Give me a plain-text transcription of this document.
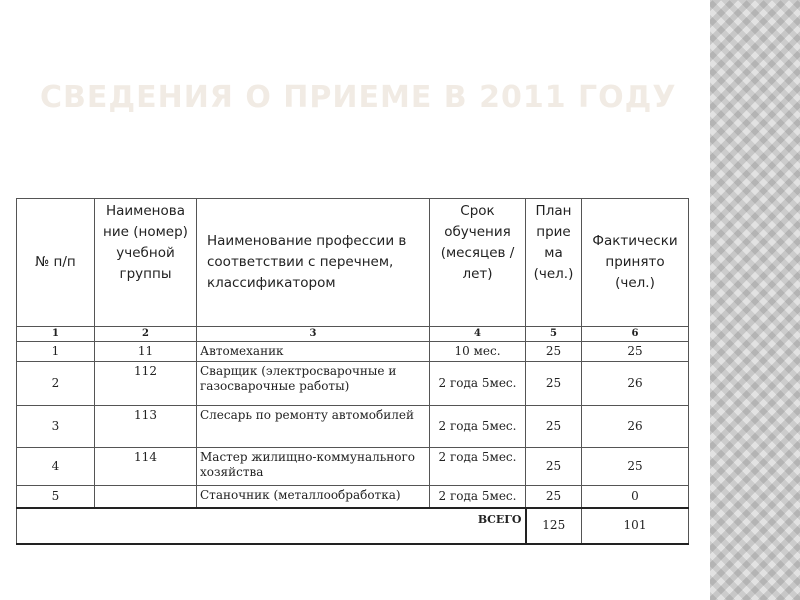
СВЕДЕНИЯ О ПРИЕМЕ В 2011 ГОДУ
№ п/п	Наименова ние (номер) учебной группы	Наименование профессии в соответствии с перечнем, классификатором	Срок обучения (месяцев /лет)	План прие ма (чел.)	Фактически принято (чел.)
1	2	3	4	5	6
1	11	Автомеханик	10 мес.	25	25
2	112	Сварщик (электросварочные и газосварочные работы)	2 года 5мес.	25	26
3	113	Слесарь по ремонту автомобилей	2 года 5мес.	25	26
4	114	Мастер жилищно-коммунального хозяйства	2 года 5мес.	25	25
5		Станочник (металлообработка)	2 года 5мес.	25	0
ВСЕГО				125	101
